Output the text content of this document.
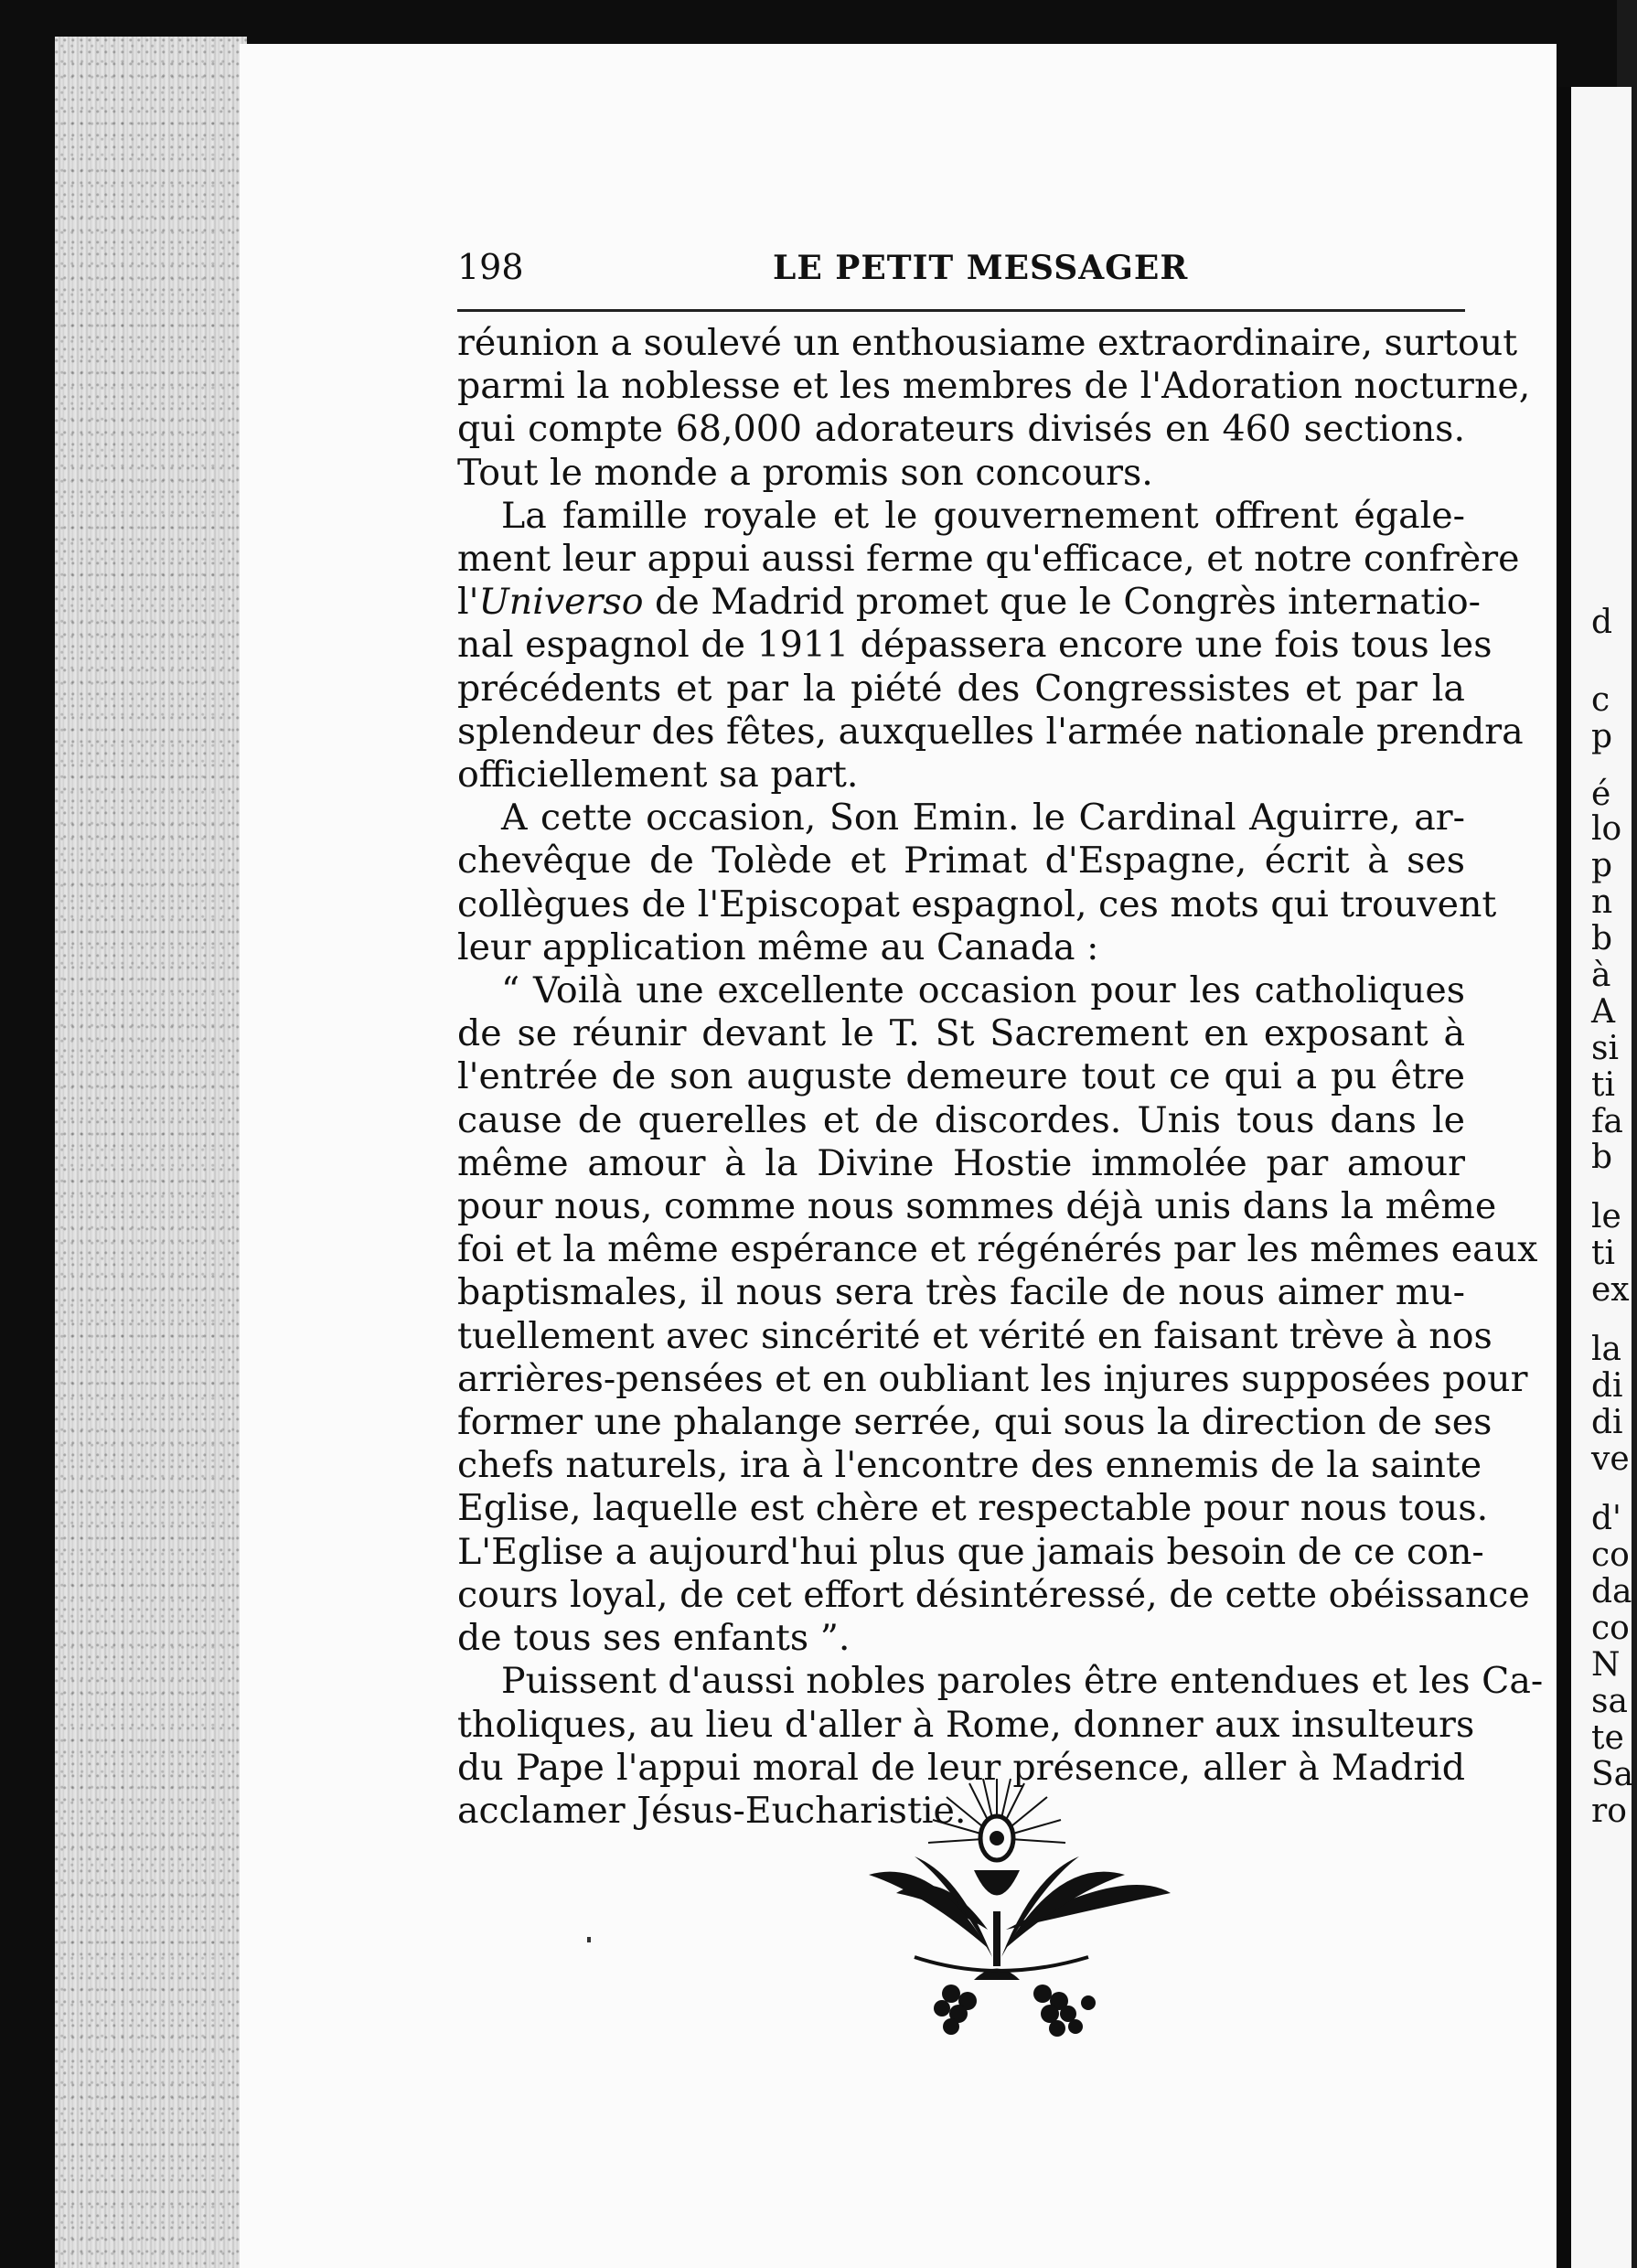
d
c
p
é
lo
p
n
b
à
A
si
ti
fa
b
le
ti
ex
la
di
di
ve
d'
co
da
co
N
sa
te
Sa
ro
198	LE PETIT MESSAGER

réunion a soulevé un enthousiame extraordinaire, surtout
parmi la noblesse et les membres de l'Adoration nocturne,
qui compte 68,000 adorateurs divisés en 460 sections.
Tout le monde a promis son concours.

La famille royale et le gouvernement offrent égale-
ment leur appui aussi ferme qu'efficace, et notre confrère
l'Universo de Madrid promet que le Congrès internatio-
nal espagnol de 1911 dépassera encore une fois tous les
précédents et par la piété des Congressistes et par la
splendeur des fêtes, auxquelles l'armée nationale prendra
officiellement sa part.

A cette occasion, Son Emin. le Cardinal Aguirre, ar-
chevêque de Tolède et Primat d'Espagne, écrit à ses
collègues de l'Episcopat espagnol, ces mots qui trouvent
leur application même au Canada :

“ Voilà une excellente occasion pour les catholiques
de se réunir devant le T. St Sacrement en exposant à
l'entrée de son auguste demeure tout ce qui a pu être
cause de querelles et de discordes. Unis tous dans le
même amour à la Divine Hostie immolée par amour
pour nous, comme nous sommes déjà unis dans la même
foi et la même espérance et régénérés par les mêmes eaux
baptismales, il nous sera très facile de nous aimer mu-
tuellement avec sincérité et vérité en faisant trève à nos
arrières-pensées et en oubliant les injures supposées pour
former une phalange serrée, qui sous la direction de ses
chefs naturels, ira à l'encontre des ennemis de la sainte
Eglise, laquelle est chère et respectable pour nous tous.
L'Eglise a aujourd'hui plus que jamais besoin de ce con-
cours loyal, de cet effort désintéressé, de cette obéissance
de tous ses enfants ”.

Puissent d'aussi nobles paroles être entendues et les Ca-
tholiques, au lieu d'aller à Rome, donner aux insulteurs
du Pape l'appui moral de leur présence, aller à Madrid
acclamer Jésus-Eucharistie.
